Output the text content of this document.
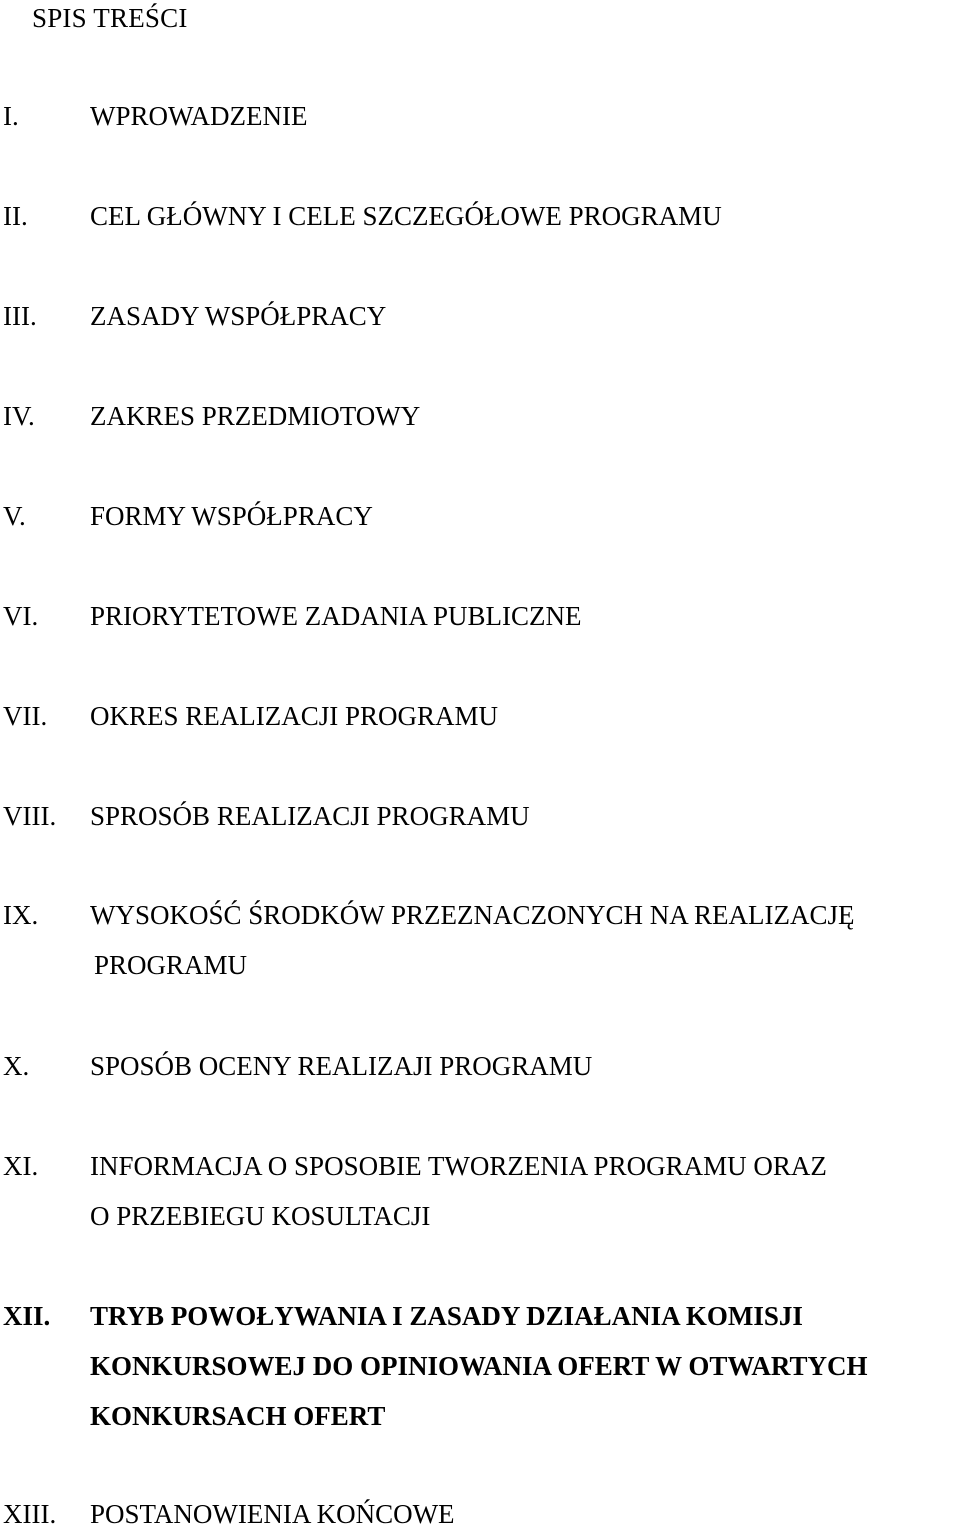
SPIS TREŚCI
I.	WPROWADZENIE
II. CEL GŁÓWNY I CELE SZCZEGÓŁOWE PROGRAMU
III. ZASADY WSPÓŁPRACY
IV. ZAKRES PRZEDMIOTOWY
V. FORMY WSPÓŁPRACY
VI. PRIORYTETOWE ZADANIA PUBLICZNE
VII. OKRES REALIZACJI PROGRAMU
VIII. SPROSÓB REALIZACJI PROGRAMU
IX. WYSOKOŚĆ ŚRODKÓW PRZEZNACZONYCH NA REALIZACJĘ
PROGRAMU
X. SPOSÓB OCENY REALIZAJI PROGRAMU
XI. INFORMACJA O SPOSOBIE TWORZENIA PROGRAMU ORAZ
O PRZEBIEGU KOSULTACJI
XII. TRYB POWOŁYWANIA I ZASADY DZIAŁANIA KOMISJI
KONKURSOWEJ DO OPINIOWANIA OFERT W OTWARTYCH
KONKURSACH OFERT
XIII. POSTANOWIENIA KOŃCOWE
